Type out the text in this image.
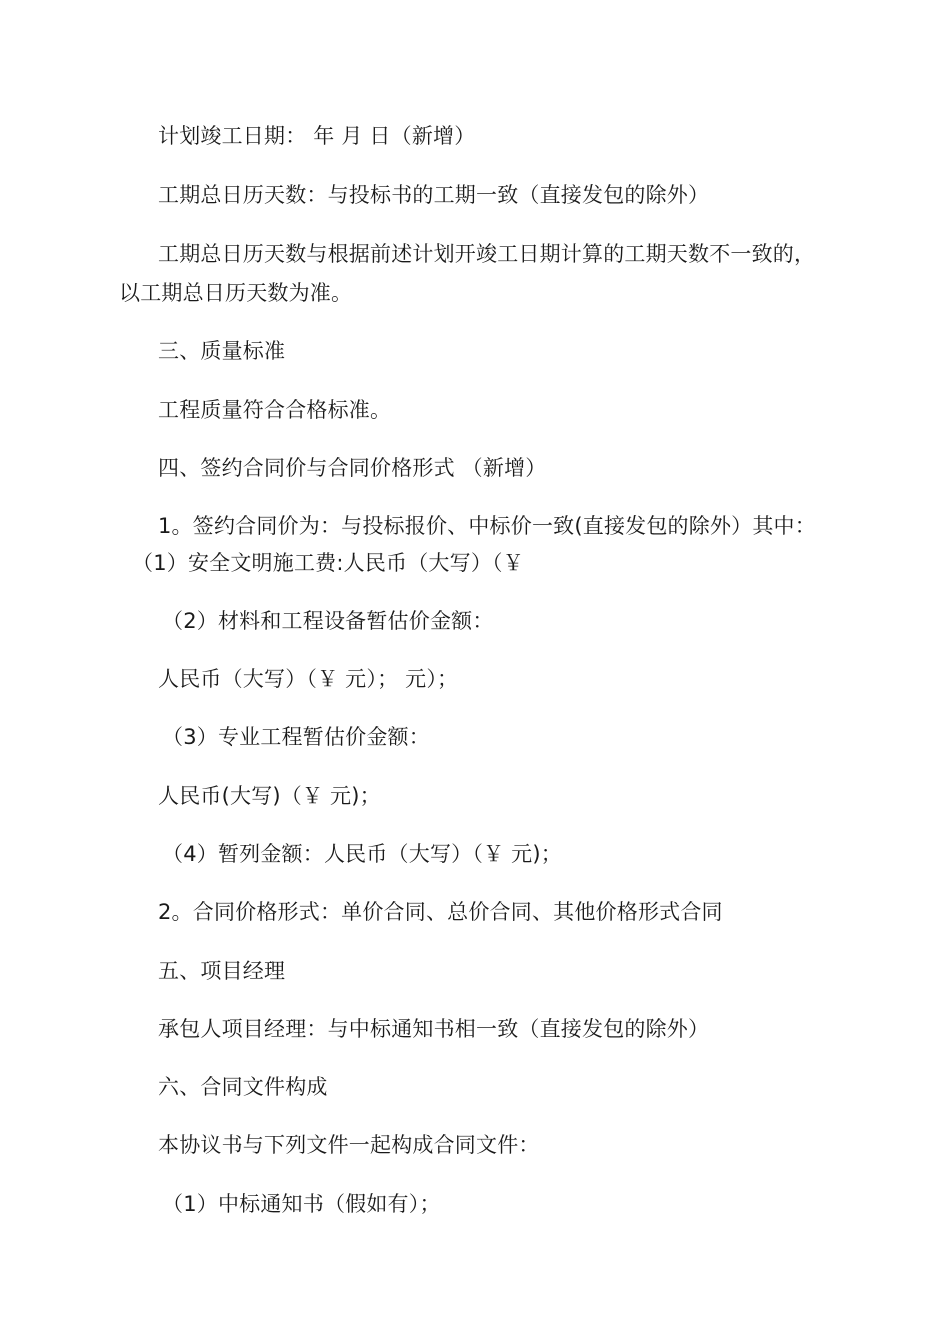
计划竣工日期： 年 月 日（新增）
工期总日历天数：与投标书的工期一致（直接发包的除外）
工期总日历天数与根据前述计划开竣工日期计算的工期天数不一致的，
以工期总日历天数为准。
三、质量标准
工程质量符合合格标准。
四、签约合同价与合同价格形式 （新增）
1。签约合同价为：与投标报价、中标价一致(直接发包的除外）其中：
（1）安全文明施工费:人民币（大写）（￥
（2）材料和工程设备暂估价金额：
人民币（大写）（￥ 元）； 元）；
（3）专业工程暂估价金额：
人民币(大写)（￥ 元)；
（4）暂列金额：人民币（大写）（￥ 元)；
2。合同价格形式：单价合同、总价合同、其他价格形式合同
五、项目经理
承包人项目经理：与中标通知书相一致（直接发包的除外）
六、合同文件构成
本协议书与下列文件一起构成合同文件：
（1）中标通知书（假如有）；
